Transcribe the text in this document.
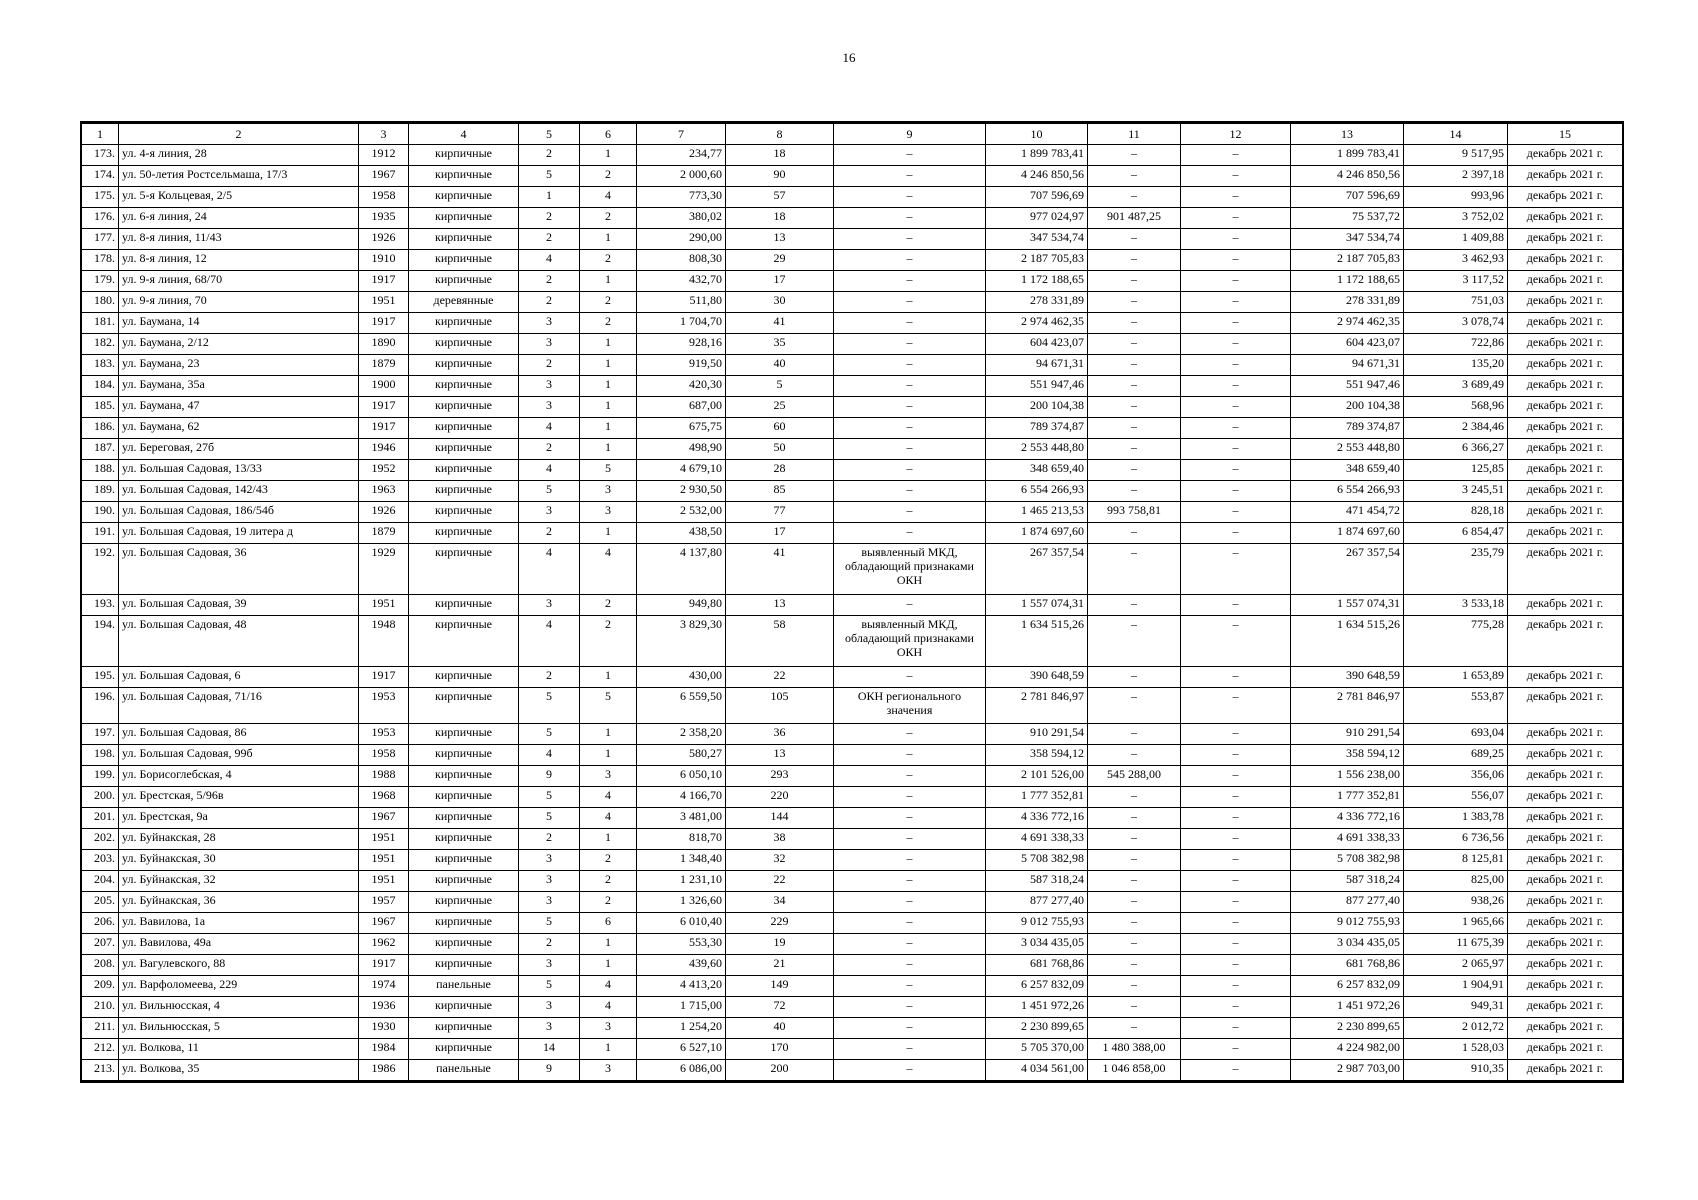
16
1	2	3	4	5	6	7	8	9	10	11	12	13	14	15
173.	ул. 4-я линия, 28	1912	кирпичные	2	1	234,77	18	–	1 899 783,41	–	–	1 899 783,41	9 517,95	декабрь 2021 г.
174.	ул. 50-летия Ростсельмаша, 17/3	1967	кирпичные	5	2	2 000,60	90	–	4 246 850,56	–	–	4 246 850,56	2 397,18	декабрь 2021 г.
175.	ул. 5-я Кольцевая, 2/5	1958	кирпичные	1	4	773,30	57	–	707 596,69	–	–	707 596,69	993,96	декабрь 2021 г.
176.	ул. 6-я линия, 24	1935	кирпичные	2	2	380,02	18	–	977 024,97	901 487,25	–	75 537,72	3 752,02	декабрь 2021 г.
177.	ул. 8-я линия, 11/43	1926	кирпичные	2	1	290,00	13	–	347 534,74	–	–	347 534,74	1 409,88	декабрь 2021 г.
178.	ул. 8-я линия, 12	1910	кирпичные	4	2	808,30	29	–	2 187 705,83	–	–	2 187 705,83	3 462,93	декабрь 2021 г.
179.	ул. 9-я линия, 68/70	1917	кирпичные	2	1	432,70	17	–	1 172 188,65	–	–	1 172 188,65	3 117,52	декабрь 2021 г.
180.	ул. 9-я линия, 70	1951	деревянные	2	2	511,80	30	–	278 331,89	–	–	278 331,89	751,03	декабрь 2021 г.
181.	ул. Баумана, 14	1917	кирпичные	3	2	1 704,70	41	–	2 974 462,35	–	–	2 974 462,35	3 078,74	декабрь 2021 г.
182.	ул. Баумана, 2/12	1890	кирпичные	3	1	928,16	35	–	604 423,07	–	–	604 423,07	722,86	декабрь 2021 г.
183.	ул. Баумана, 23	1879	кирпичные	2	1	919,50	40	–	94 671,31	–	–	94 671,31	135,20	декабрь 2021 г.
184.	ул. Баумана, 35а	1900	кирпичные	3	1	420,30	5	–	551 947,46	–	–	551 947,46	3 689,49	декабрь 2021 г.
185.	ул. Баумана, 47	1917	кирпичные	3	1	687,00	25	–	200 104,38	–	–	200 104,38	568,96	декабрь 2021 г.
186.	ул. Баумана, 62	1917	кирпичные	4	1	675,75	60	–	789 374,87	–	–	789 374,87	2 384,46	декабрь 2021 г.
187.	ул. Береговая, 27б	1946	кирпичные	2	1	498,90	50	–	2 553 448,80	–	–	2 553 448,80	6 366,27	декабрь 2021 г.
188.	ул. Большая Садовая, 13/33	1952	кирпичные	4	5	4 679,10	28	–	348 659,40	–	–	348 659,40	125,85	декабрь 2021 г.
189.	ул. Большая Садовая, 142/43	1963	кирпичные	5	3	2 930,50	85	–	6 554 266,93	–	–	6 554 266,93	3 245,51	декабрь 2021 г.
190.	ул. Большая Садовая, 186/54б	1926	кирпичные	3	3	2 532,00	77	–	1 465 213,53	993 758,81	–	471 454,72	828,18	декабрь 2021 г.
191.	ул. Большая Садовая, 19 литера д	1879	кирпичные	2	1	438,50	17	–	1 874 697,60	–	–	1 874 697,60	6 854,47	декабрь 2021 г.
192.	ул. Большая Садовая, 36	1929	кирпичные	4	4	4 137,80	41	выявленный МКД, обладающий признаками ОКН	267 357,54	–	–	267 357,54	235,79	декабрь 2021 г.
193.	ул. Большая Садовая, 39	1951	кирпичные	3	2	949,80	13	–	1 557 074,31	–	–	1 557 074,31	3 533,18	декабрь 2021 г.
194.	ул. Большая Садовая, 48	1948	кирпичные	4	2	3 829,30	58	выявленный МКД, обладающий признаками ОКН	1 634 515,26	–	–	1 634 515,26	775,28	декабрь 2021 г.
195.	ул. Большая Садовая, 6	1917	кирпичные	2	1	430,00	22	–	390 648,59	–	–	390 648,59	1 653,89	декабрь 2021 г.
196.	ул. Большая Садовая, 71/16	1953	кирпичные	5	5	6 559,50	105	ОКН регионального значения	2 781 846,97	–	–	2 781 846,97	553,87	декабрь 2021 г.
197.	ул. Большая Садовая, 86	1953	кирпичные	5	1	2 358,20	36	–	910 291,54	–	–	910 291,54	693,04	декабрь 2021 г.
198.	ул. Большая Садовая, 99б	1958	кирпичные	4	1	580,27	13	–	358 594,12	–	–	358 594,12	689,25	декабрь 2021 г.
199.	ул. Борисоглебская, 4	1988	кирпичные	9	3	6 050,10	293	–	2 101 526,00	545 288,00	–	1 556 238,00	356,06	декабрь 2021 г.
200.	ул. Брестская, 5/96в	1968	кирпичные	5	4	4 166,70	220	–	1 777 352,81	–	–	1 777 352,81	556,07	декабрь 2021 г.
201.	ул. Брестская, 9а	1967	кирпичные	5	4	3 481,00	144	–	4 336 772,16	–	–	4 336 772,16	1 383,78	декабрь 2021 г.
202.	ул. Буйнакская, 28	1951	кирпичные	2	1	818,70	38	–	4 691 338,33	–	–	4 691 338,33	6 736,56	декабрь 2021 г.
203.	ул. Буйнакская, 30	1951	кирпичные	3	2	1 348,40	32	–	5 708 382,98	–	–	5 708 382,98	8 125,81	декабрь 2021 г.
204.	ул. Буйнакская, 32	1951	кирпичные	3	2	1 231,10	22	–	587 318,24	–	–	587 318,24	825,00	декабрь 2021 г.
205.	ул. Буйнакская, 36	1957	кирпичные	3	2	1 326,60	34	–	877 277,40	–	–	877 277,40	938,26	декабрь 2021 г.
206.	ул. Вавилова, 1а	1967	кирпичные	5	6	6 010,40	229	–	9 012 755,93	–	–	9 012 755,93	1 965,66	декабрь 2021 г.
207.	ул. Вавилова, 49а	1962	кирпичные	2	1	553,30	19	–	3 034 435,05	–	–	3 034 435,05	11 675,39	декабрь 2021 г.
208.	ул. Вагулевского, 88	1917	кирпичные	3	1	439,60	21	–	681 768,86	–	–	681 768,86	2 065,97	декабрь 2021 г.
209.	ул. Варфоломеева, 229	1974	панельные	5	4	4 413,20	149	–	6 257 832,09	–	–	6 257 832,09	1 904,91	декабрь 2021 г.
210.	ул. Вильнюсская, 4	1936	кирпичные	3	4	1 715,00	72	–	1 451 972,26	–	–	1 451 972,26	949,31	декабрь 2021 г.
211.	ул. Вильнюсская, 5	1930	кирпичные	3	3	1 254,20	40	–	2 230 899,65	–	–	2 230 899,65	2 012,72	декабрь 2021 г.
212.	ул. Волкова, 11	1984	кирпичные	14	1	6 527,10	170	–	5 705 370,00	1 480 388,00	–	4 224 982,00	1 528,03	декабрь 2021 г.
213.	ул. Волкова, 35	1986	панельные	9	3	6 086,00	200	–	4 034 561,00	1 046 858,00	–	2 987 703,00	910,35	декабрь 2021 г.
